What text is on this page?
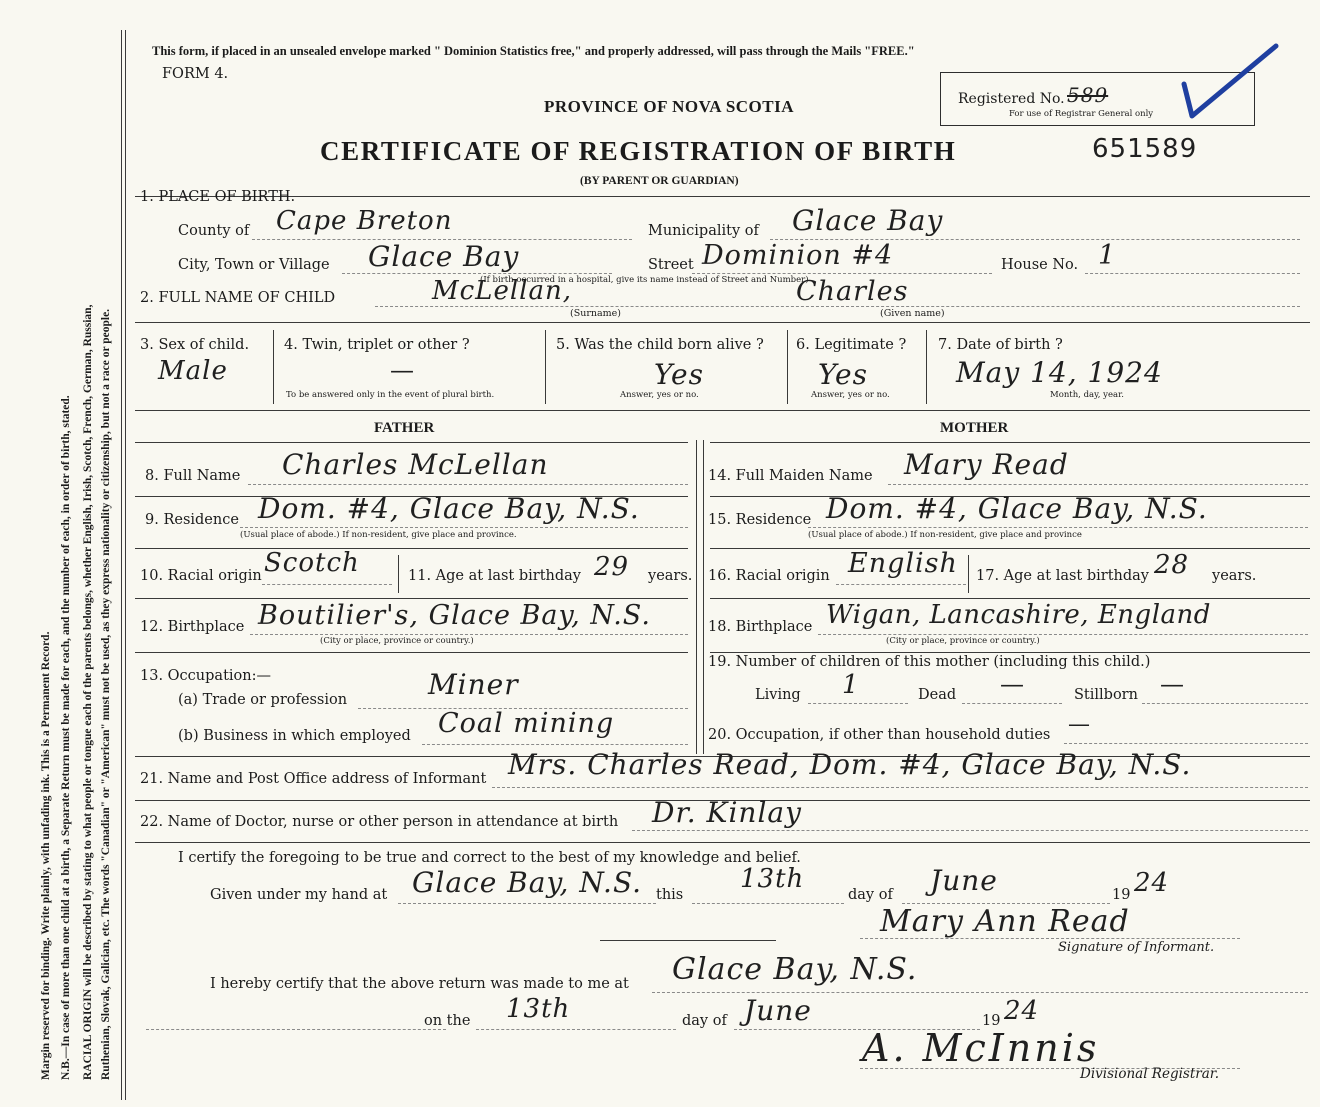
Margin reserved for binding. Write plainly, with unfading ink. This is a Permanent Record. N.B.—In case of more than one child at a birth, a Separate Return must be made for each, and the number of each, in order of birth, stated. RACIAL ORIGIN will be described by stating to what people or tongue each of the parents belongs, whether English, Irish, Scotch, French, German, Russian, Ruthenian, Slovak, Galician, etc. The words "Canadian" or "American" must not be used, as they express nationality or citizenship, but not a race or people.
This form, if placed in an unsealed envelope marked " Dominion Statistics free," and properly addressed, will pass through the Mails "FREE."
FORM 4.
PROVINCE OF NOVA SCOTIA	Registered No. 589
For use of Registrar General only
CERTIFICATE OF REGISTRATION OF BIRTH	651589
(BY PARENT OR GUARDIAN)
1. PLACE OF BIRTH.
County of Cape Breton	Municipality of Glace Bay
City, Town or Village Glace Bay	Street Dominion #4	House No. 1
(If birth occurred in a hospital, give its name instead of Street and Number)
2. FULL NAME OF CHILD	McLellan,	Charles
(Surname)	(Given name)
3. Sex of child.
Male
4. Twin, triplet or other ?
—
To be answered only in the event of plural birth.
5. Was the child born alive ?
Yes
Answer, yes or no.
6. Legitimate ?
Yes
Answer, yes or no.
7. Date of birth ?
May 14, 1924
Month, day, year.
FATHER	MOTHER
8. Full Name Charles McLellan
9. Residence Dom. #4, Glace Bay, N.S.
(Usual place of abode.) If non-resident, give place and province.
10. Racial origin Scotch	11. Age at last birthday 29 years.
12. Birthplace Boutilier's, Glace Bay, N.S.
(City or place, province or country.)
13. Occupation:—
(a) Trade or profession	Miner
(b) Business in which employed Coal mining
14. Full Maiden Name Mary Read
15. Residence Dom. #4, Glace Bay, N.S.
(Usual place of abode.) If non-resident, give place and province
16. Racial origin English 17. Age at last birthday 28 years.
18. Birthplace Wigan, Lancashire, England
(City or place, province or country.)
19. Number of children of this mother (including this child.)
Living 1	Dead —	Stillborn —
20. Occupation, if other than household duties —
21. Name and Post Office address of Informant Mrs. Charles Read, Dom. #4, Glace Bay, N.S.
22. Name of Doctor, nurse or other person in attendance at birth Dr. Kinlay
I certify the foregoing to be true and correct to the best of my knowledge and belief.
Given under my hand at Glace Bay, N.S. this
13th
day of June	19 24
Mary Ann Read
Signature of Informant.
I hereby certify that the above return was made to me at Glace Bay, N.S.
on the 13th	day of June	19 24
A. McInnis
Divisional Registrar.
